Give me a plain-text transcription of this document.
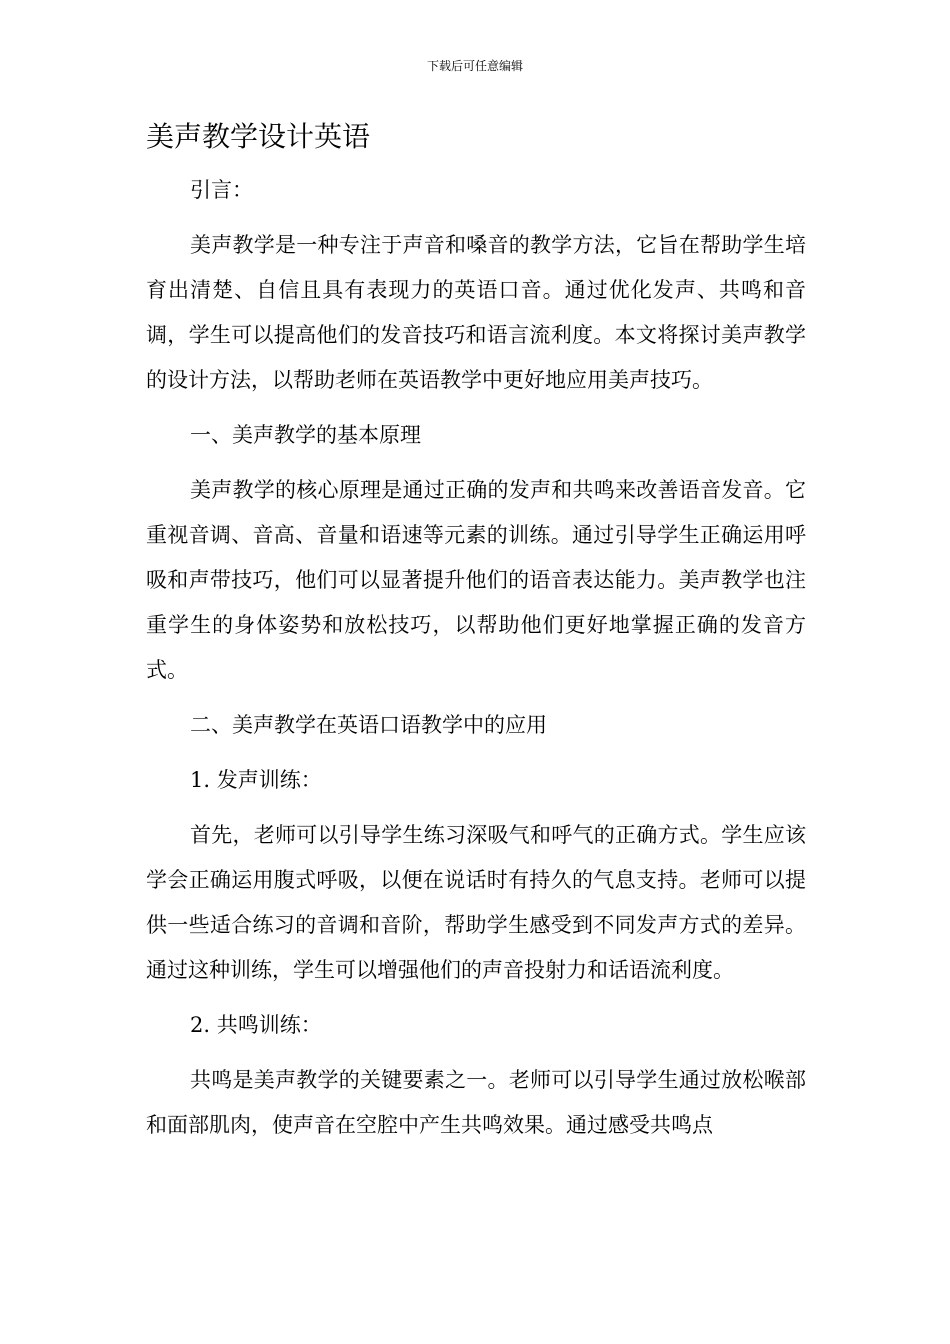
下载后可任意编辑
美声教学设计英语

引言：

美声教学是一种专注于声音和嗓音的教学方法，它旨在帮助学生培育出清楚、自信且具有表现力的英语口音。通过优化发声、共鸣和音调，学生可以提高他们的发音技巧和语言流利度。本文将探讨美声教学的设计方法，以帮助老师在英语教学中更好地应用美声技巧。

一、美声教学的基本原理

美声教学的核心原理是通过正确的发声和共鸣来改善语音发音。它重视音调、音高、音量和语速等元素的训练。通过引导学生正确运用呼吸和声带技巧，他们可以显著提升他们的语音表达能力。美声教学也注重学生的身体姿势和放松技巧，以帮助他们更好地掌握正确的发音方式。

二、美声教学在英语口语教学中的应用

1. 发声训练：

首先，老师可以引导学生练习深吸气和呼气的正确方式。学生应该学会正确运用腹式呼吸，以便在说话时有持久的气息支持。老师可以提供一些适合练习的音调和音阶，帮助学生感受到不同发声方式的差异。通过这种训练，学生可以增强他们的声音投射力和话语流利度。

2. 共鸣训练：

共鸣是美声教学的关键要素之一。老师可以引导学生通过放松喉部和面部肌肉，使声音在空腔中产生共鸣效果。通过感受共鸣点
